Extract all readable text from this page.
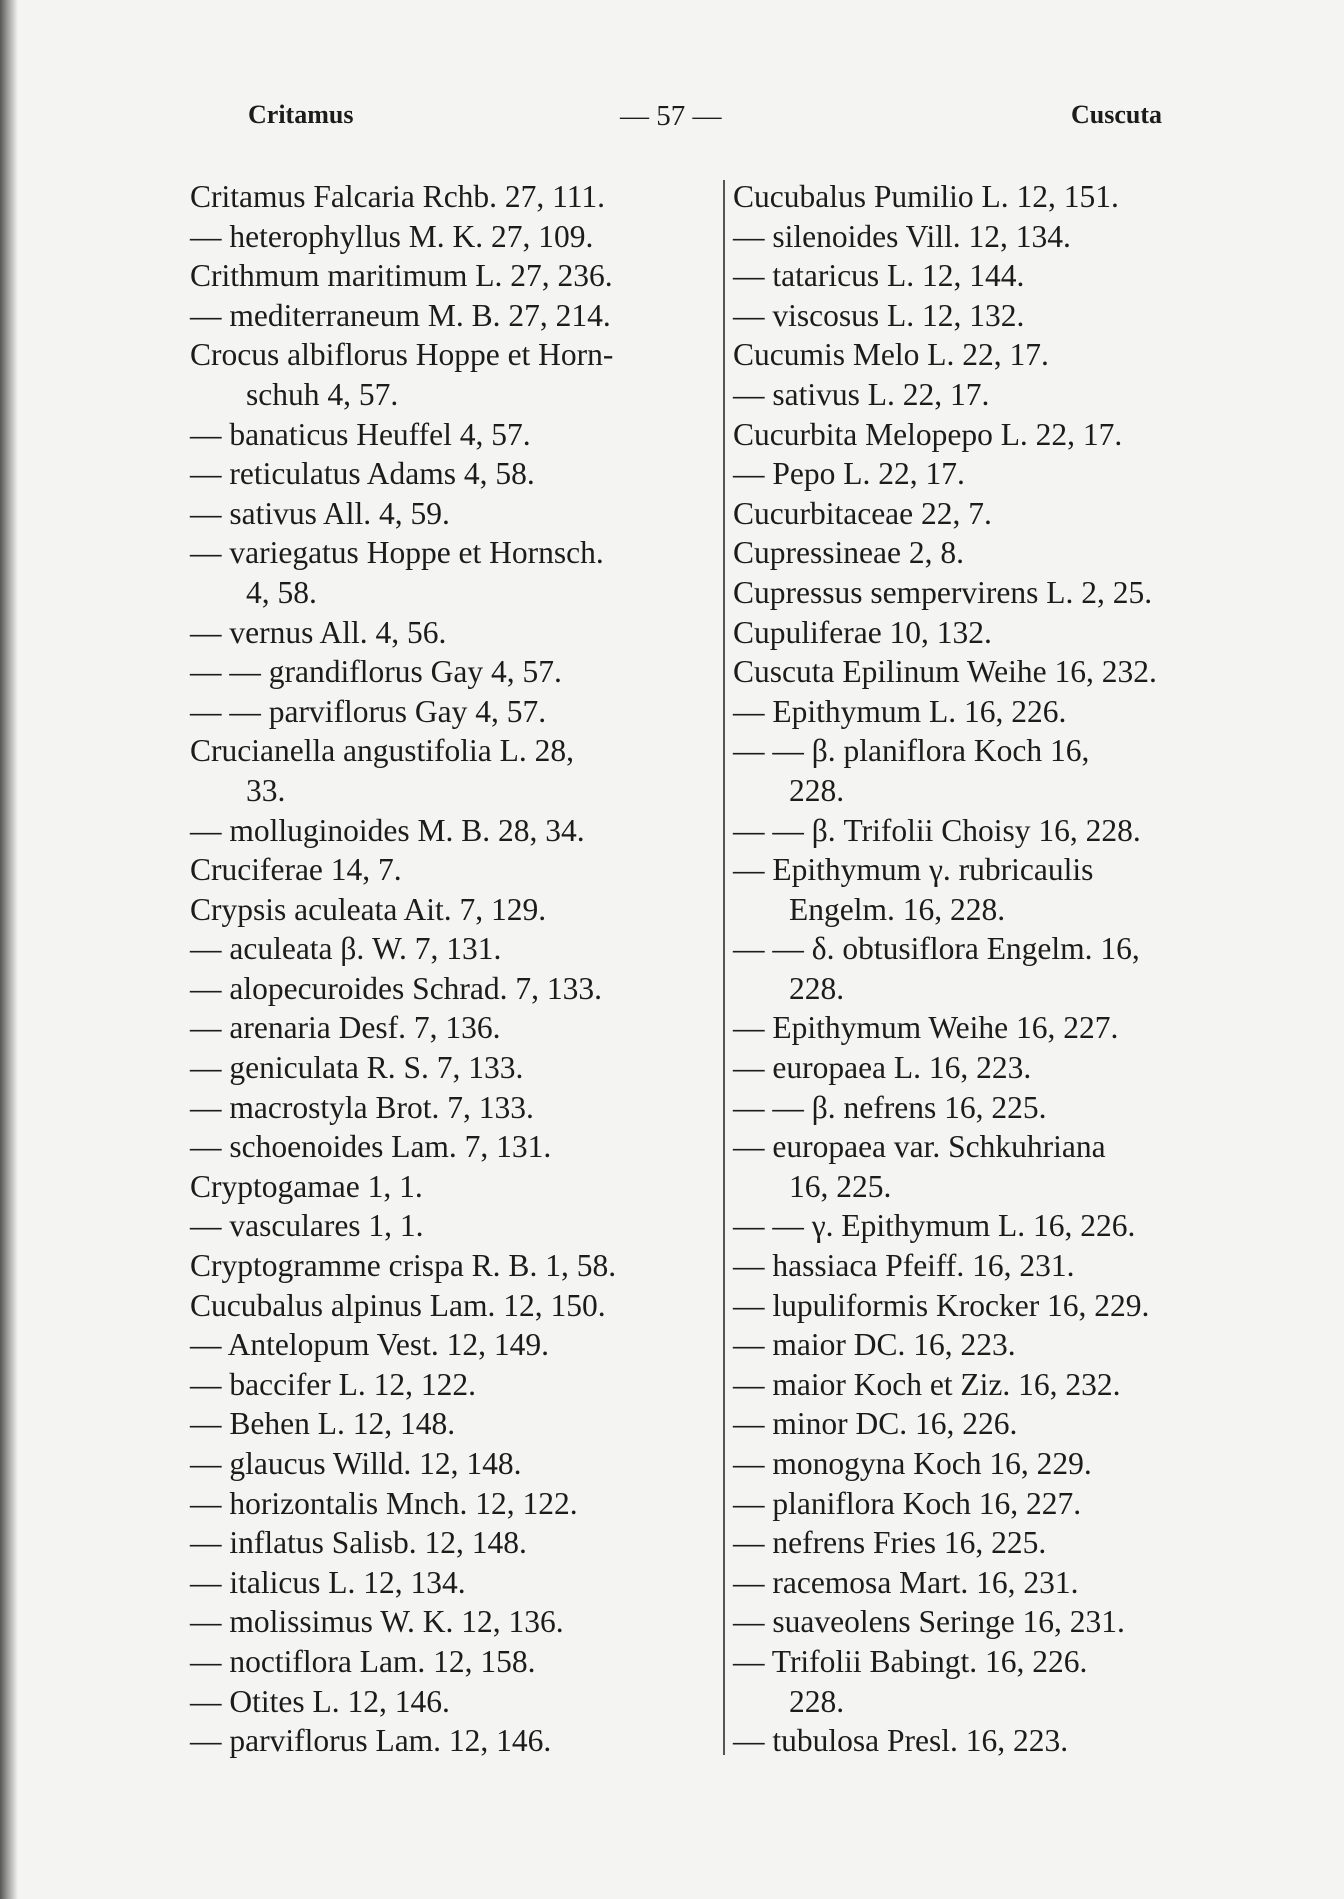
Critamus	— 57 —	Cuscuta
Critamus Falcaria Rchb. 27, 111.
— heterophyllus M. K. 27, 109.
Crithmum maritimum L. 27, 236.
— mediterraneum M. B. 27, 214.
Crocus albiflorus Hoppe et Horn-
schuh 4, 57.
— banaticus Heuffel 4, 57.
— reticulatus Adams 4, 58.
— sativus All. 4, 59.
— variegatus Hoppe et Hornsch.
4, 58.
— vernus All. 4, 56.
— — grandiflorus Gay 4, 57.
— — parviflorus Gay 4, 57.
Crucianella angustifolia L. 28,
33.
— molluginoides M. B. 28, 34.
Cruciferae 14, 7.
Crypsis aculeata Ait. 7, 129.
— aculeata β. W. 7, 131.
— alopecuroides Schrad. 7, 133.
— arenaria Desf. 7, 136.
— geniculata R. S. 7, 133.
— macrostyla Brot. 7, 133.
— schoenoides Lam. 7, 131.
Cryptogamae 1, 1.
— vasculares 1, 1.
Cryptogramme crispa R. B. 1, 58.
Cucubalus alpinus Lam. 12, 150.
— Antelopum Vest. 12, 149.
— baccifer L. 12, 122.
— Behen L. 12, 148.
— glaucus Willd. 12, 148.
— horizontalis Mnch. 12, 122.
— inflatus Salisb. 12, 148.
— italicus L. 12, 134.
— molissimus W. K. 12, 136.
— noctiflora Lam. 12, 158.
— Otites L. 12, 146.
— parviflorus Lam. 12, 146.
Cucubalus Pumilio L. 12, 151.
— silenoides Vill. 12, 134.
— tataricus L. 12, 144.
— viscosus L. 12, 132.
Cucumis Melo L. 22, 17.
— sativus L. 22, 17.
Cucurbita Melopepo L. 22, 17.
— Pepo L. 22, 17.
Cucurbitaceae 22, 7.
Cupressineae 2, 8.
Cupressus sempervirens L. 2, 25.
Cupuliferae 10, 132.
Cuscuta Epilinum Weihe 16, 232.
— Epithymum L. 16, 226.
— — β. planiflora Koch 16,
228.
— — β. Trifolii Choisy 16, 228.
— Epithymum γ. rubricaulis
Engelm. 16, 228.
— — δ. obtusiflora Engelm. 16,
228.
— Epithymum Weihe 16, 227.
— europaea L. 16, 223.
— — β. nefrens 16, 225.
— europaea var. Schkuhriana
16, 225.
— — γ. Epithymum L. 16, 226.
— hassiaca Pfeiff. 16, 231.
— lupuliformis Krocker 16, 229.
— maior DC. 16, 223.
— maior Koch et Ziz. 16, 232.
— minor DC. 16, 226.
— monogyna Koch 16, 229.
— planiflora Koch 16, 227.
— nefrens Fries 16, 225.
— racemosa Mart. 16, 231.
— suaveolens Seringe 16, 231.
— Trifolii Babingt. 16, 226.
228.
— tubulosa Presl. 16, 223.
